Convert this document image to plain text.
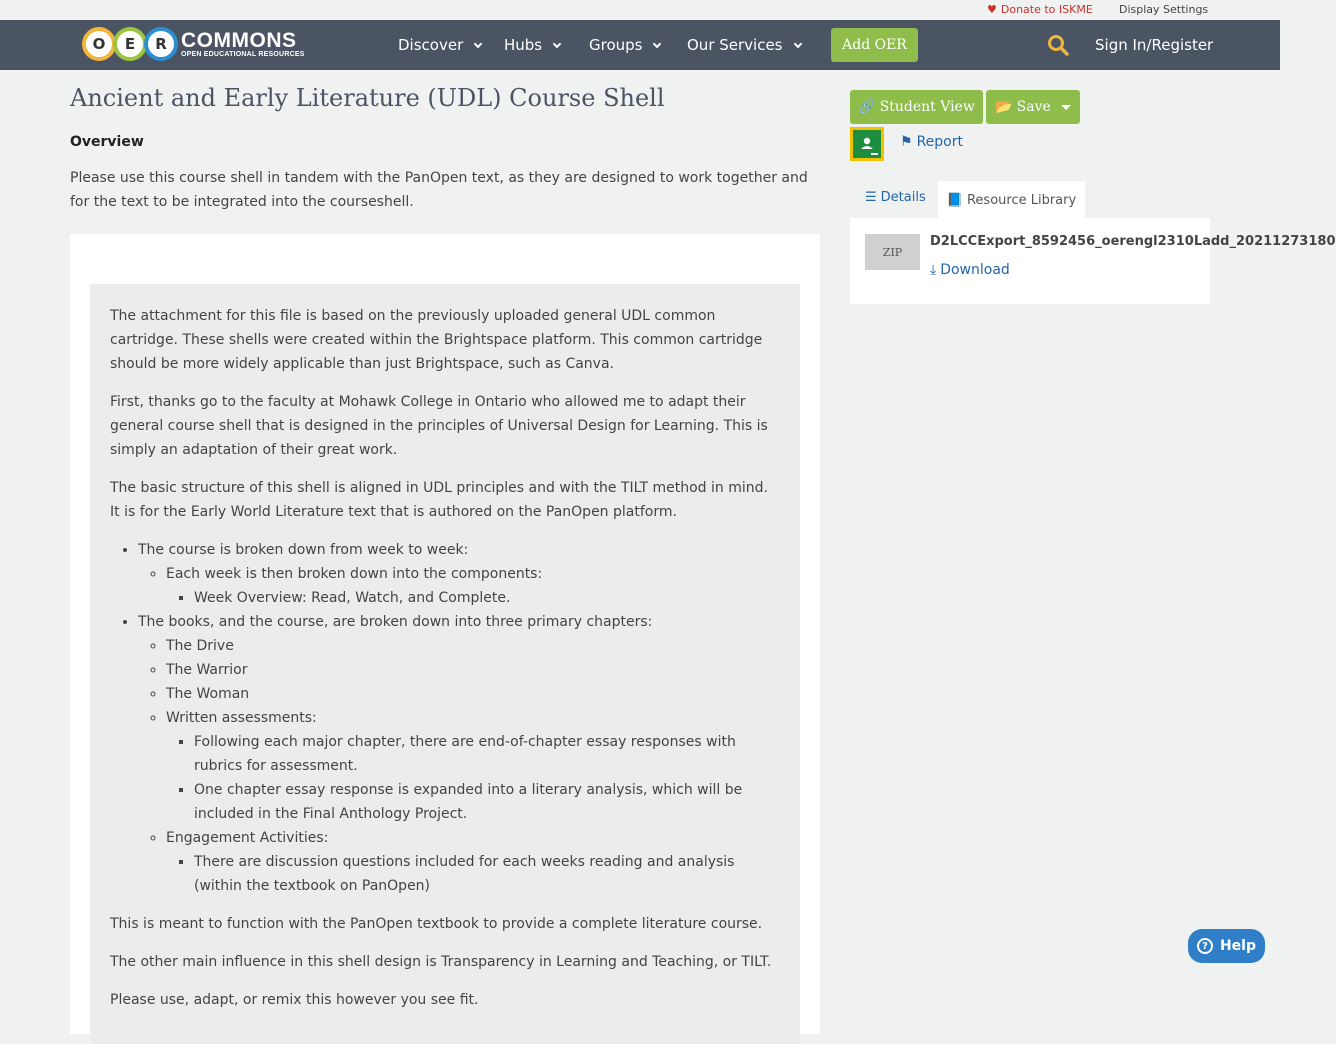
♥ Donate to ISKME Display Settings
O	E	R COMMONS
OPEN EDUCATIONAL RESOURCES
Discover	Hubs	Groups	Our Services	Add OER	Sign In/Register
Ancient and Early Literature (UDL) Course Shell
Overview
Please use this course shell in tandem with the PanOpen text, as they are designed to work together and for the text to be integrated into the courseshell.

The attachment for this file is based on the previously uploaded general UDL common cartridge. These shells were created within the Brightspace platform. This common cartridge should be more widely applicable than just Brightspace, such as Canva.

First, thanks go to the faculty at Mohawk College in Ontario who allowed me to adapt their general course shell that is designed in the principles of Universal Design for Learning. This is simply an adaptation of their great work.

The basic structure of this shell is aligned in UDL principles and with the TILT method in mind. It is for the Early World Literature text that is authored on the PanOpen platform.

• The course is broken down from week to week:
◦ Each week is then broken down into the components:
▪ Week Overview: Read, Watch, and Complete.
• The books, and the course, are broken down into three primary chapters:
◦ The Drive
◦ The Warrior
◦ The Woman
◦ Written assessments:
▪ Following each major chapter, there are end-of-chapter essay responses with rubrics for assessment.
▪ One chapter essay response is expanded into a literary analysis, which will be included in the Final Anthology Project.
◦ Engagement Activities:
▪ There are discussion questions included for each weeks reading and analysis (within the textbook on PanOpen)

This is meant to function with the PanOpen textbook to provide a complete literature course.

The other main influence in this shell design is Transparency in Learning and Teaching, or TILT.

Please use, adapt, or remix this however you see fit.

🔗 Student View 📂 Save
⚑ Report
☰ Details 📘 Resource Library
ZIP
D2LCCExport_8592456_oerengl2310Ladd_20211273180
⤓ Download
? Help
